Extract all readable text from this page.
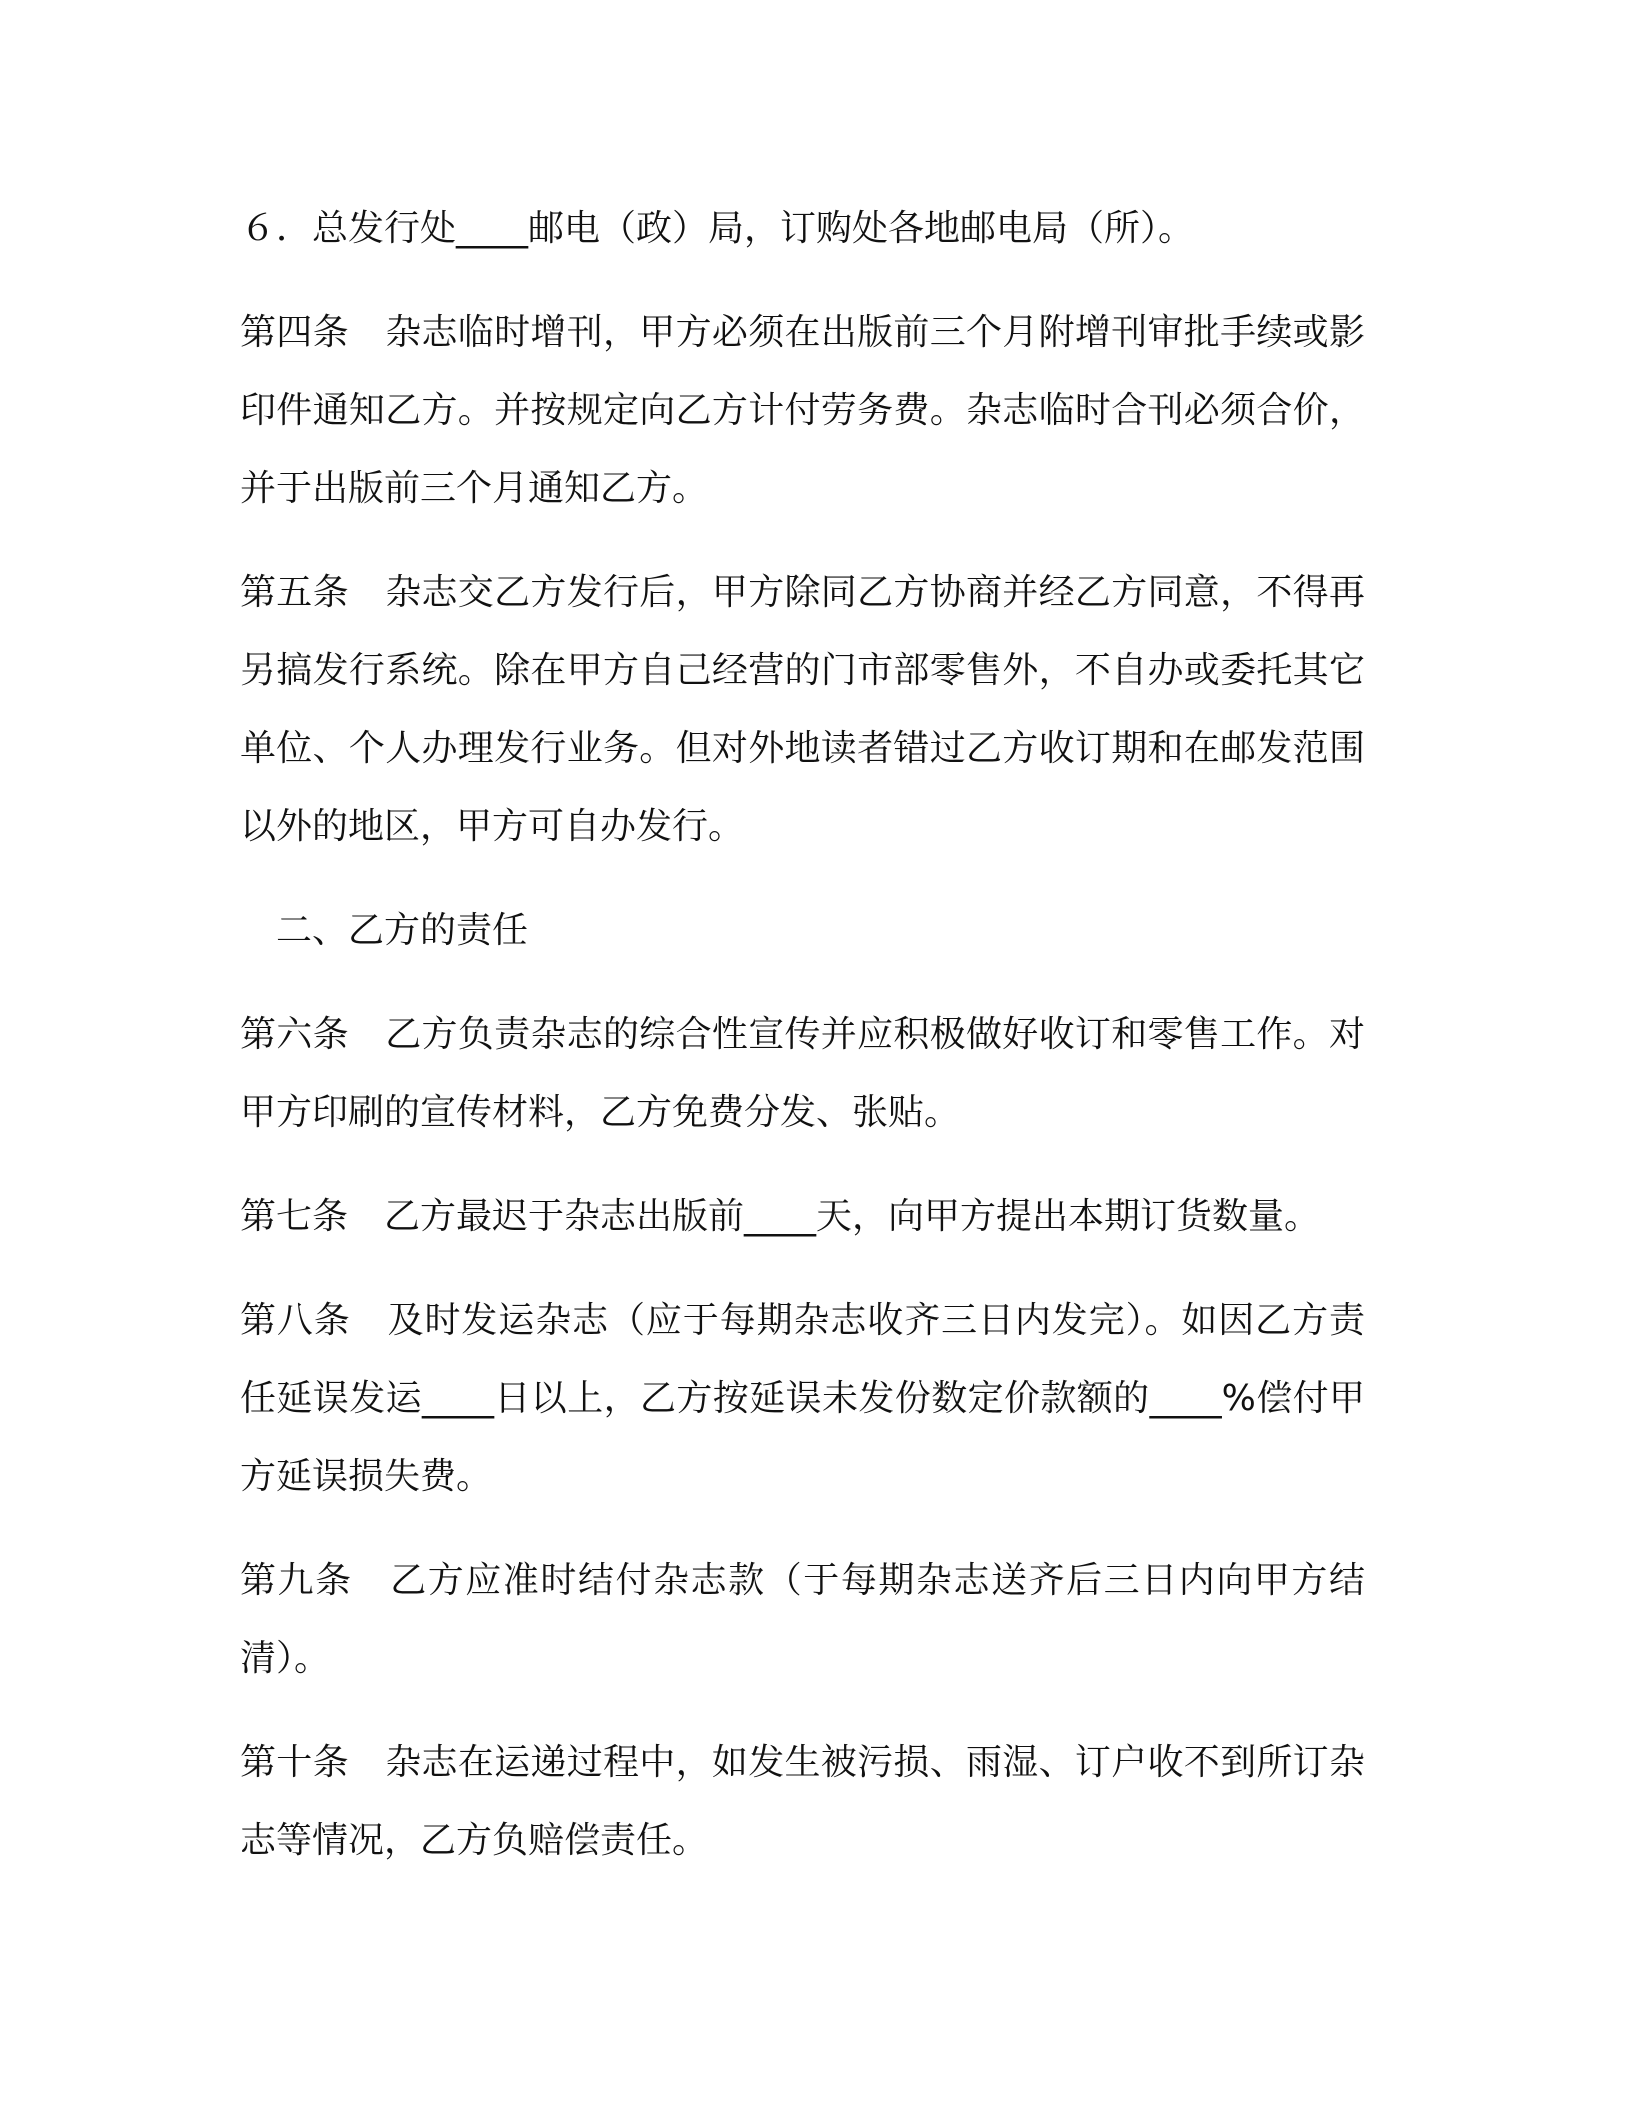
６．总发行处____邮电（政）局，订购处各地邮电局（所）。

第四条　杂志临时增刊，甲方必须在出版前三个月附增刊审批手续或影印件通知乙方。并按规定向乙方计付劳务费。杂志临时合刊必须合价，并于出版前三个月通知乙方。

第五条　杂志交乙方发行后，甲方除同乙方协商并经乙方同意，不得再另搞发行系统。除在甲方自己经营的门市部零售外，不自办或委托其它单位、个人办理发行业务。但对外地读者错过乙方收订期和在邮发范围以外的地区，甲方可自办发行。

二、乙方的责任

第六条　乙方负责杂志的综合性宣传并应积极做好收订和零售工作。对甲方印刷的宣传材料，乙方免费分发、张贴。

第七条　乙方最迟于杂志出版前____天，向甲方提出本期订货数量。

第八条　及时发运杂志（应于每期杂志收齐三日内发完）。如因乙方责任延误发运____日以上，乙方按延误未发份数定价款额的____%偿付甲方延误损失费。

第九条　乙方应准时结付杂志款（于每期杂志送齐后三日内向甲方结清）。

第十条　杂志在运递过程中，如发生被污损、雨湿、订户收不到所订杂志等情况，乙方负赔偿责任。
